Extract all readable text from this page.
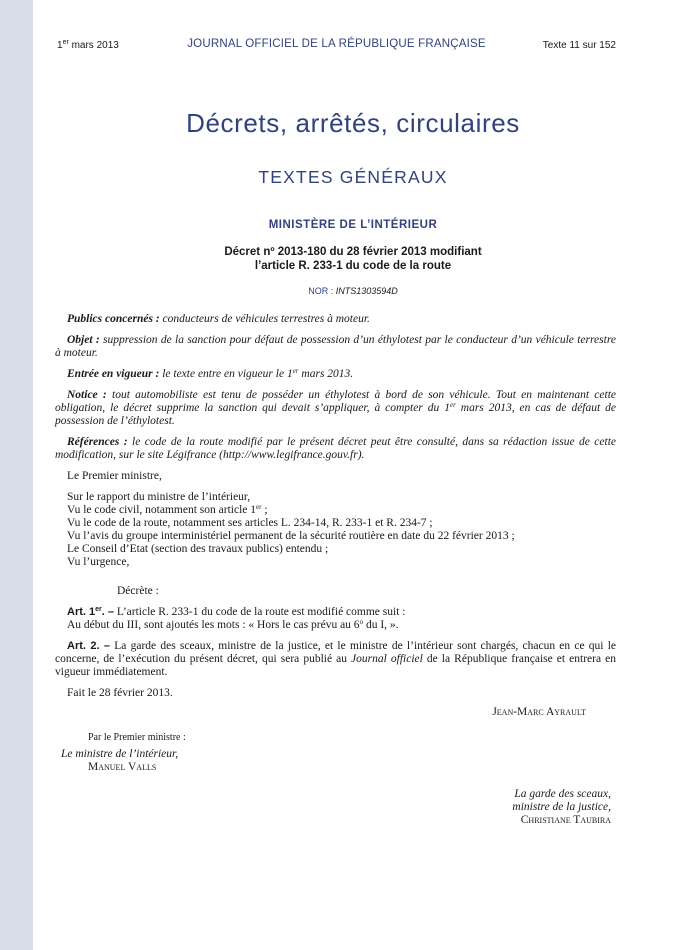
1er mars 2013	JOURNAL OFFICIEL DE LA RÉPUBLIQUE FRANÇAISE	Texte 11 sur 152
Décrets, arrêtés, circulaires
TEXTES GÉNÉRAUX
MINISTÈRE DE L’INTÉRIEUR
Décret nº 2013-180 du 28 février 2013 modifiant
l’article R. 233-1 du code de la route
NOR : INTS1303594D

Publics concernés : conducteurs de véhicules terrestres à moteur.

Objet : suppression de la sanction pour défaut de possession d’un éthylotest par le conducteur d’un véhicule terrestre à moteur.

Entrée en vigueur : le texte entre en vigueur le 1er mars 2013.

Notice : tout automobiliste est tenu de posséder un éthylotest à bord de son véhicule. Tout en maintenant cette obligation, le décret supprime la sanction qui devait s’appliquer, à compter du 1er mars 2013, en cas de défaut de possession de l’éthylotest.

Références : le code de la route modifié par le présent décret peut être consulté, dans sa rédaction issue de cette modification, sur le site Légifrance (http://www.legifrance.gouv.fr).

Le Premier ministre,

Sur le rapport du ministre de l’intérieur,

Vu le code civil, notamment son article 1er ;

Vu le code de la route, notamment ses articles L. 234-14, R. 233-1 et R. 234-7 ;

Vu l’avis du groupe interministériel permanent de la sécurité routière en date du 22 février 2013 ;

Le Conseil d’Etat (section des travaux publics) entendu ;

Vu l’urgence,

Décrète :

Art. 1er. – L’article R. 233-1 du code de la route est modifié comme suit :

Au début du III, sont ajoutés les mots : « Hors le cas prévu au 6$^o$ du I, ».

Art. 2. – La garde des sceaux, ministre de la justice, et le ministre de l’intérieur sont chargés, chacun en ce qui le concerne, de l’exécution du présent décret, qui sera publié au Journal officiel de la République française et entrera en vigueur immédiatement.

Fait le 28 février 2013.

Jean-Marc Ayrault

Par le Premier ministre :

Le ministre de l’intérieur,

Manuel Valls

La garde des sceaux,

ministre de la justice,

Christiane Taubira
